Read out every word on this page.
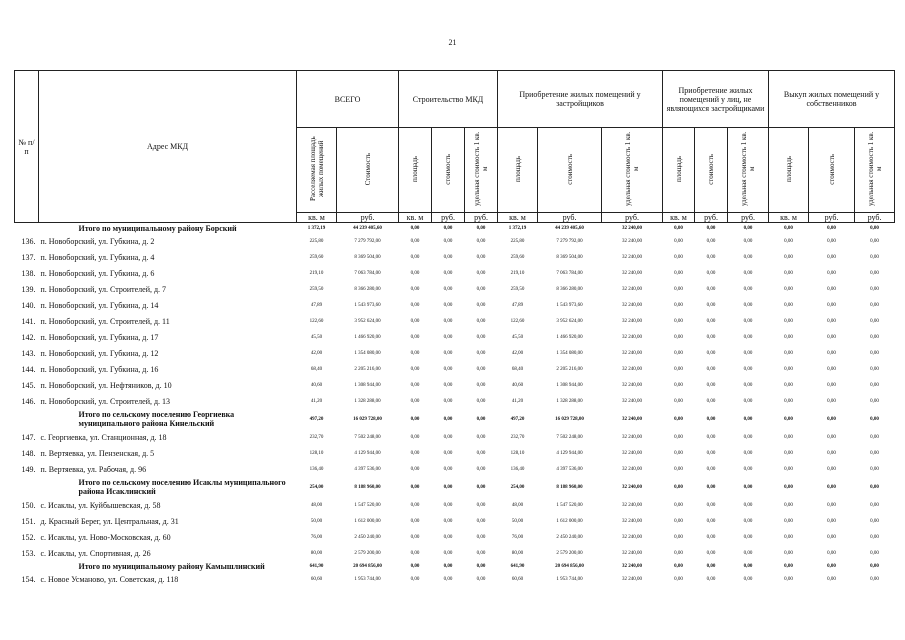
21
№ п/п	Адрес МКД	ВСЕГО		Строительство МКД			Приобретение жилых помещений у застройщиков			Приобретение жилых помещений у лиц, не являющихся застройщиками			Выкуп жилых помещений у собственников		
		Расселяемая площадь жилых помещений	Стоимость	площадь	стоимость	удельная стоимость 1 кв. м	площадь	стоимость	удельная стоимость 1 кв. м	площадь	стоимость	удельная стоимость 1 кв. м	площадь	стоимость	удельная стоимость 1 кв. м
		кв. м	руб.	кв. м	руб.	руб.	кв. м	руб.	руб.	кв. м	руб.	руб.	кв. м	руб.	руб.
	Итого по муниципальному району Борский	1 372,19	44 239 405,60	0,00	0,00	0,00	1 372,19	44 239 405,60	32 240,00	0,00	0,00	0,00	0,00	0,00	0,00
136.	п. Новоборский, ул. Губкина, д. 2	225,80	7 279 792,00	0,00	0,00	0,00	225,80	7 279 792,00	32 240,00	0,00	0,00	0,00	0,00	0,00	0,00
137.	п. Новоборский, ул. Губкина, д. 4	259,60	8 369 504,00	0,00	0,00	0,00	259,60	8 369 504,00	32 240,00	0,00	0,00	0,00	0,00	0,00	0,00
138.	п. Новоборский, ул. Губкина, д. 6	219,10	7 063 784,00	0,00	0,00	0,00	219,10	7 063 784,00	32 240,00	0,00	0,00	0,00	0,00	0,00	0,00
139.	п. Новоборский, ул. Строителей, д. 7	259,50	8 366 280,00	0,00	0,00	0,00	259,50	8 366 280,00	32 240,00	0,00	0,00	0,00	0,00	0,00	0,00
140.	п. Новоборский, ул. Губкина, д. 14	47,89	1 543 973,60	0,00	0,00	0,00	47,89	1 543 973,60	32 240,00	0,00	0,00	0,00	0,00	0,00	0,00
141.	п. Новоборский, ул. Строителей, д. 11	122,60	3 952 624,00	0,00	0,00	0,00	122,60	3 952 624,00	32 240,00	0,00	0,00	0,00	0,00	0,00	0,00
142.	п. Новоборский, ул. Губкина, д. 17	45,50	1 466 920,00	0,00	0,00	0,00	45,50	1 466 920,00	32 240,00	0,00	0,00	0,00	0,00	0,00	0,00
143.	п. Новоборский, ул. Губкина, д. 12	42,00	1 354 080,00	0,00	0,00	0,00	42,00	1 354 080,00	32 240,00	0,00	0,00	0,00	0,00	0,00	0,00
144.	п. Новоборский, ул. Губкина, д. 16	68,40	2 205 216,00	0,00	0,00	0,00	68,40	2 205 216,00	32 240,00	0,00	0,00	0,00	0,00	0,00	0,00
145.	п. Новоборский, ул. Нефтяников, д. 10	40,60	1 308 944,00	0,00	0,00	0,00	40,60	1 308 944,00	32 240,00	0,00	0,00	0,00	0,00	0,00	0,00
146.	п. Новоборский, ул. Строителей, д. 13	41,20	1 328 288,00	0,00	0,00	0,00	41,20	1 328 288,00	32 240,00	0,00	0,00	0,00	0,00	0,00	0,00
	Итого по сельскому поселению Георгиевка муниципального района Кинельский	497,20	16 029 728,00	0,00	0,00	0,00	497,20	16 029 728,00	32 240,00	0,00	0,00	0,00	0,00	0,00	0,00
147.	с. Георгиевка, ул. Станционная, д. 18	232,70	7 502 248,00	0,00	0,00	0,00	232,70	7 502 248,00	32 240,00	0,00	0,00	0,00	0,00	0,00	0,00
148.	п. Вертяевка, ул. Пензенская, д. 5	128,10	4 129 944,00	0,00	0,00	0,00	128,10	4 129 944,00	32 240,00	0,00	0,00	0,00	0,00	0,00	0,00
149.	п. Вертяевка, ул. Рабочая, д. 96	136,40	4 397 536,00	0,00	0,00	0,00	136,40	4 397 536,00	32 240,00	0,00	0,00	0,00	0,00	0,00	0,00
	Итого по сельскому поселению Исаклы муниципального района Исаклинский	254,00	8 188 960,00	0,00	0,00	0,00	254,00	8 188 960,00	32 240,00	0,00	0,00	0,00	0,00	0,00	0,00
150.	с. Исаклы, ул. Куйбышевская, д. 58	48,00	1 547 520,00	0,00	0,00	0,00	48,00	1 547 520,00	32 240,00	0,00	0,00	0,00	0,00	0,00	0,00
151.	д. Красный Берег, ул. Центральная, д. 31	50,00	1 612 000,00	0,00	0,00	0,00	50,00	1 612 000,00	32 240,00	0,00	0,00	0,00	0,00	0,00	0,00
152.	с. Исаклы, ул. Ново-Московская, д. 60	76,00	2 450 240,00	0,00	0,00	0,00	76,00	2 450 240,00	32 240,00	0,00	0,00	0,00	0,00	0,00	0,00
153.	с. Исаклы, ул. Спортивная, д. 26	80,00	2 579 200,00	0,00	0,00	0,00	80,00	2 579 200,00	32 240,00	0,00	0,00	0,00	0,00	0,00	0,00
	Итого по муниципальному району Камышлинский	641,90	20 694 856,00	0,00	0,00	0,00	641,90	20 694 856,00	32 240,00	0,00	0,00	0,00	0,00	0,00	0,00
154.	с. Новое Усманово, ул. Советская, д. 118	60,60	1 953 744,00	0,00	0,00	0,00	60,60	1 953 744,00	32 240,00	0,00	0,00	0,00	0,00	0,00	0,00
